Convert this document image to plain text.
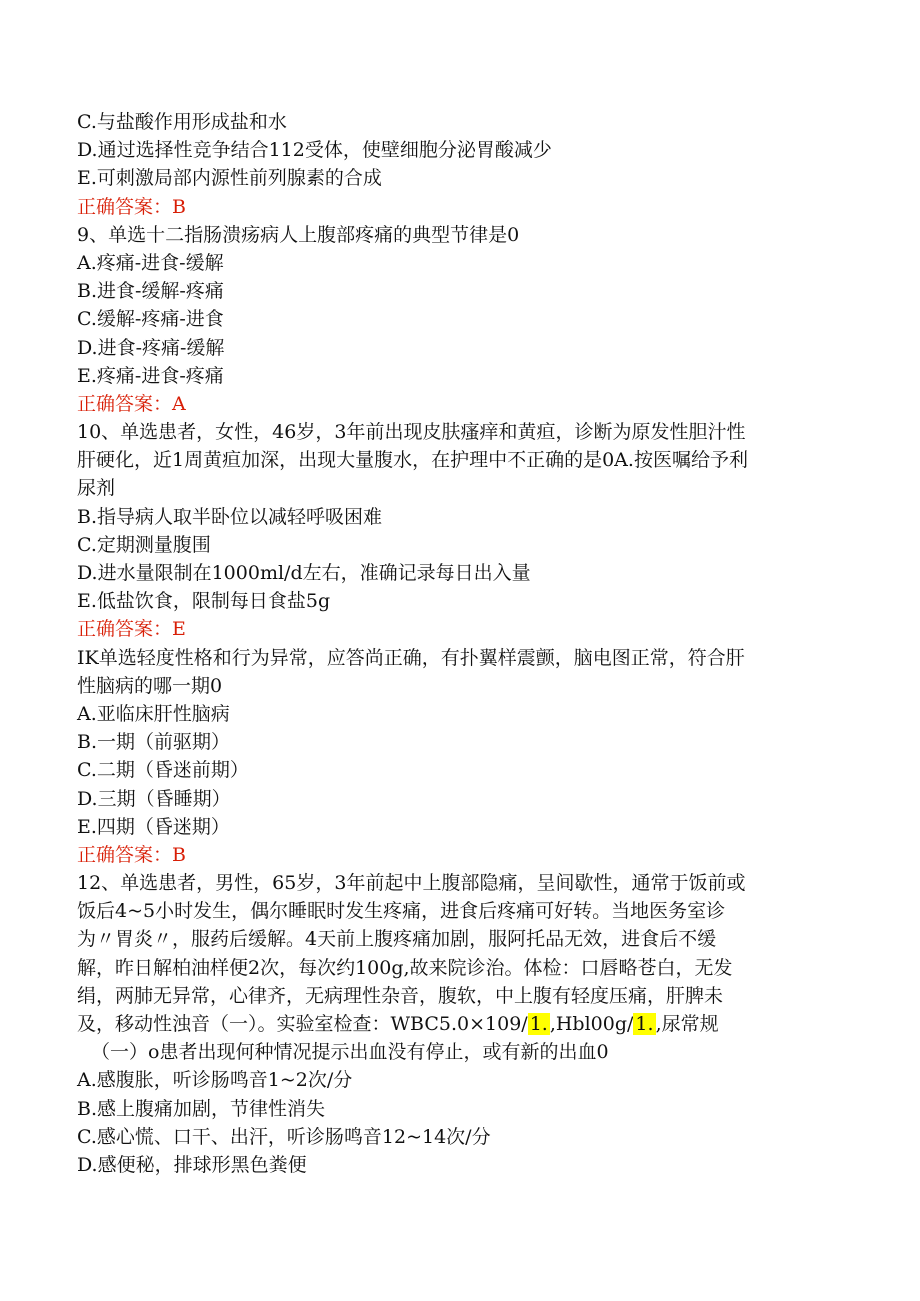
C.与盐酸作用形成盐和水
D.通过选择性竞争结合112受体，使壁细胞分泌胃酸减少
E.可刺激局部内源性前列腺素的合成
正确答案：B
9、单选十二指肠溃疡病人上腹部疼痛的典型节律是0
A.疼痛-进食-缓解
B.进食-缓解-疼痛
C.缓解-疼痛-进食
D.进食-疼痛-缓解
E.疼痛-进食-疼痛
正确答案：A
10、单选患者，女性，46岁，3年前出现皮肤瘙痒和黄疸，诊断为原发性胆汁性
肝硬化，近1周黄疸加深，出现大量腹水，在护理中不正确的是0A.按医嘱给予利
尿剂
B.指导病人取半卧位以减轻呼吸困难
C.定期测量腹围
D.进水量限制在1000ml/d左右，准确记录每日出入量
E.低盐饮食，限制每日食盐5g
正确答案：E
IK单选轻度性格和行为异常，应答尚正确，有扑翼样震颤，脑电图正常，符合肝
性脑病的哪一期0
A.亚临床肝性脑病
B.一期（前驱期）
C.二期（昏迷前期）
D.三期（昏睡期）
E.四期（昏迷期）
正确答案：B
12、单选患者，男性，65岁，3年前起中上腹部隐痛，呈间歇性，通常于饭前或
饭后4~5小时发生，偶尔睡眠时发生疼痛，进食后疼痛可好转。当地医务室诊
为〃胃炎〃，服药后缓解。4天前上腹疼痛加剧，服阿托品无效，进食后不缓
解，昨日解柏油样便2次，每次约100g,故来院诊治。体检：口唇略苍白，无发
绢，两肺无异常，心律齐，无病理性杂音，腹软，中上腹有轻度压痛，肝脾未
及，移动性浊音（一）。实验室检查：WBC5.0×109/ 1. ,Hbl00g/ 1. ,尿常规
（一）o患者出现何种情况提示出血没有停止，或有新的出血0
A.感腹胀，听诊肠鸣音1~2次/分
B.感上腹痛加剧，节律性消失
C.感心慌、口干、出汗，听诊肠鸣音12~14次/分
D.感便秘，排球形黑色粪便
